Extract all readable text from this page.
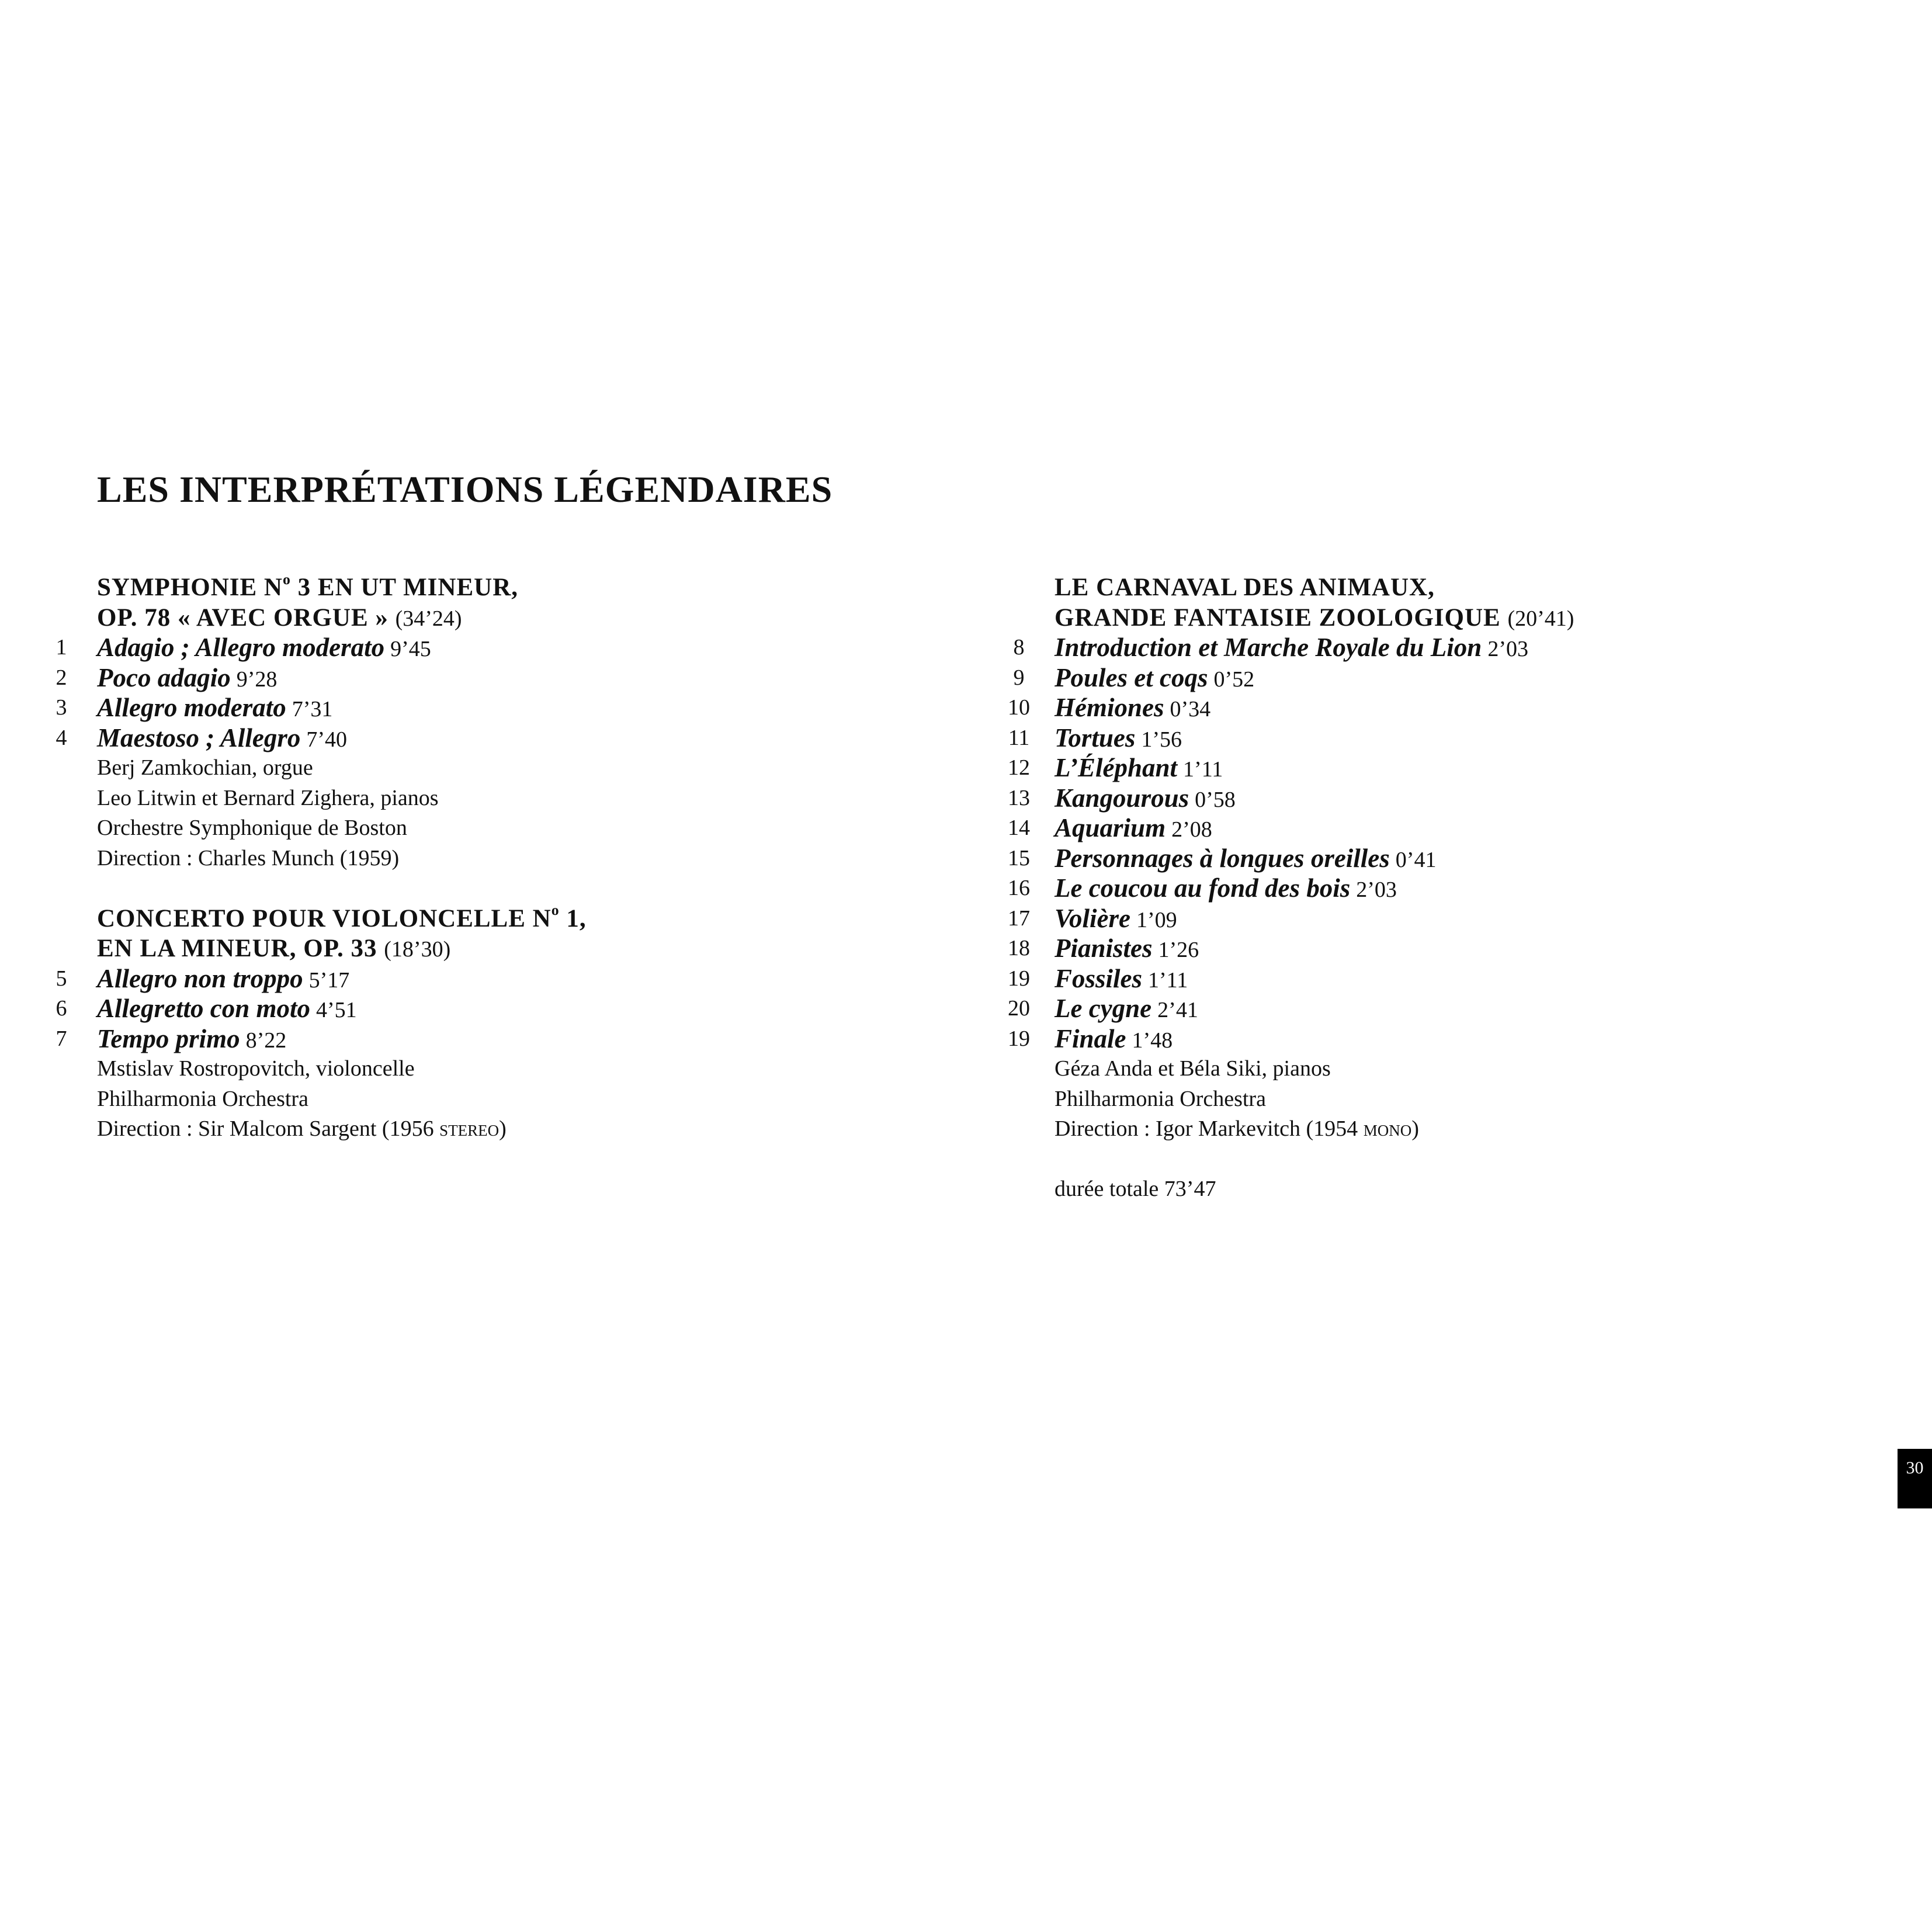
LES INTERPRÉTATIONS LÉGENDAIRES
SYMPHONIE $N^o$ 3 EN UT MINEUR,
OP. 78 « AVEC ORGUE » (34’24)
1	Adagio ; Allegro moderato 9’45
2	Poco adagio 9’28
3	Allegro moderato 7’31
4	Maestoso ; Allegro 7’40
Berj Zamkochian, orgue
Leo Litwin et Bernard Zighera, pianos
Orchestre Symphonique de Boston
Direction : Charles Munch (1959)
CONCERTO POUR VIOLONCELLE $N^o$ 1,
EN LA MINEUR, OP. 33 (18’30)
5	Allegro non troppo 5’17
6	Allegretto con moto 4’51
7	Tempo primo 8’22
Mstislav Rostropovitch, violoncelle
Philharmonia Orchestra
Direction : Sir Malcom Sargent (1956 stereo)
LE CARNAVAL DES ANIMAUX,
GRANDE FANTAISIE ZOOLOGIQUE (20’41)
8	Introduction et Marche Royale du Lion 2’03
9	Poules et coqs 0’52
10 Hémiones 0’34
11 Tortues 1’56
12 L’Éléphant 1’11
13 Kangourous 0’58
14 Aquarium 2’08
15 Personnages à longues oreilles 0’41
16 Le coucou au fond des bois 2’03
17 Volière 1’09
18 Pianistes 1’26
19 Fossiles 1’11
20 Le cygne 2’41
19 Finale 1’48
Géza Anda et Béla Siki, pianos
Philharmonia Orchestra
Direction : Igor Markevitch (1954 mono)
durée totale 73’47
30
